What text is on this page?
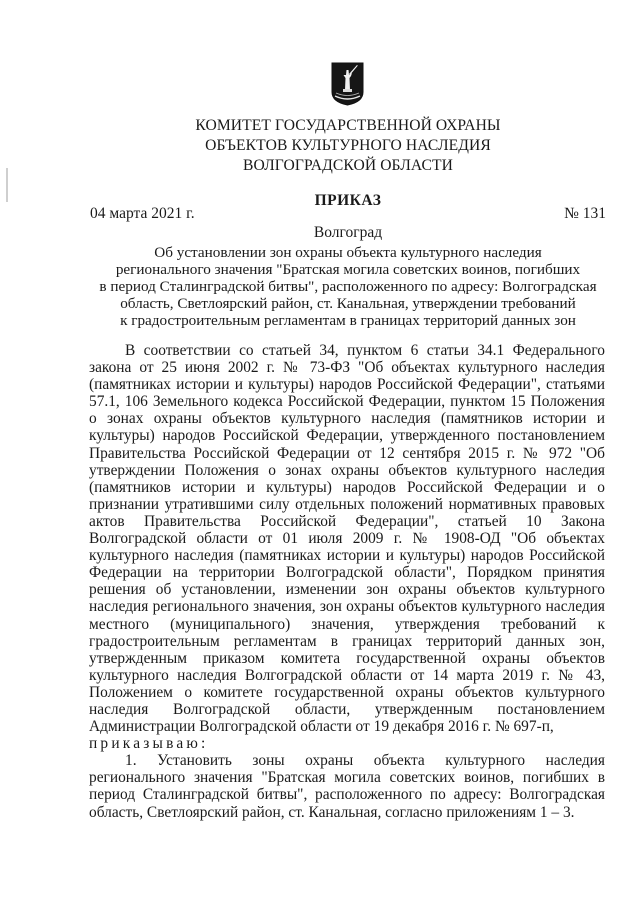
КОМИТЕТ ГОСУДАРСТВЕННОЙ ОХРАНЫ
ОБЪЕКТОВ КУЛЬТУРНОГО НАСЛЕДИЯ
ВОЛГОГРАДСКОЙ ОБЛАСТИ
ПРИКАЗ
04 марта 2021 г.	№ 131
Волгоград
Об установлении зон охраны объекта культурного наследия
регионального значения "Братская могила советских воинов, погибших
в период Сталинградской битвы", расположенного по адресу: Волгоградская
область, Светлоярский район, ст. Канальная, утверждении требований
к градостроительным регламентам в границах территорий данных зон

В соответствии со статьей 34, пунктом 6 статьи 34.1 Федерального закона от 25 июня 2002 г. № 73-ФЗ "Об объектах культурного наследия (памятниках истории и культуры) народов Российской Федерации", статьями 57.1, 106 Земельного кодекса Российской Федерации, пунктом 15 Положения о зонах охраны объектов культурного наследия (памятников истории и культуры) народов Российской Федерации, утвержденного постановлением Правительства Российской Федерации от 12 сентября 2015 г. № 972 "Об утверждении Положения о зонах охраны объектов культурного наследия (памятников истории и культуры) народов Российской Федерации и о признании утратившими силу отдельных положений нормативных правовых актов Правительства Российской Федерации", статьей 10 Закона Волгоградской области от 01 июля 2009 г. № 1908-ОД "Об объектах культурного наследия (памятниках истории и культуры) народов Российской Федерации на территории Волгоградской области", Порядком принятия решения об установлении, изменении зон охраны объектов культурного наследия регионального значения, зон охраны объектов культурного наследия местного (муниципального) значения, утверждения требований к градостроительным регламентам в границах территорий данных зон, утвержденным приказом комитета государственной охраны объектов культурного наследия Волгоградской области от 14 марта 2019 г. № 43, Положением о комитете государственной охраны объектов культурного наследия Волгоградской области, утвержденным постановлением Администрации Волгоградской области от 19 декабря 2016 г. № 697-п,

приказываю:

1. Установить зоны охраны объекта культурного наследия регионального значения "Братская могила советских воинов, погибших в период Сталинградской битвы", расположенного по адресу: Волгоградская область, Светлоярский район, ст. Канальная, согласно приложениям 1 – 3.
